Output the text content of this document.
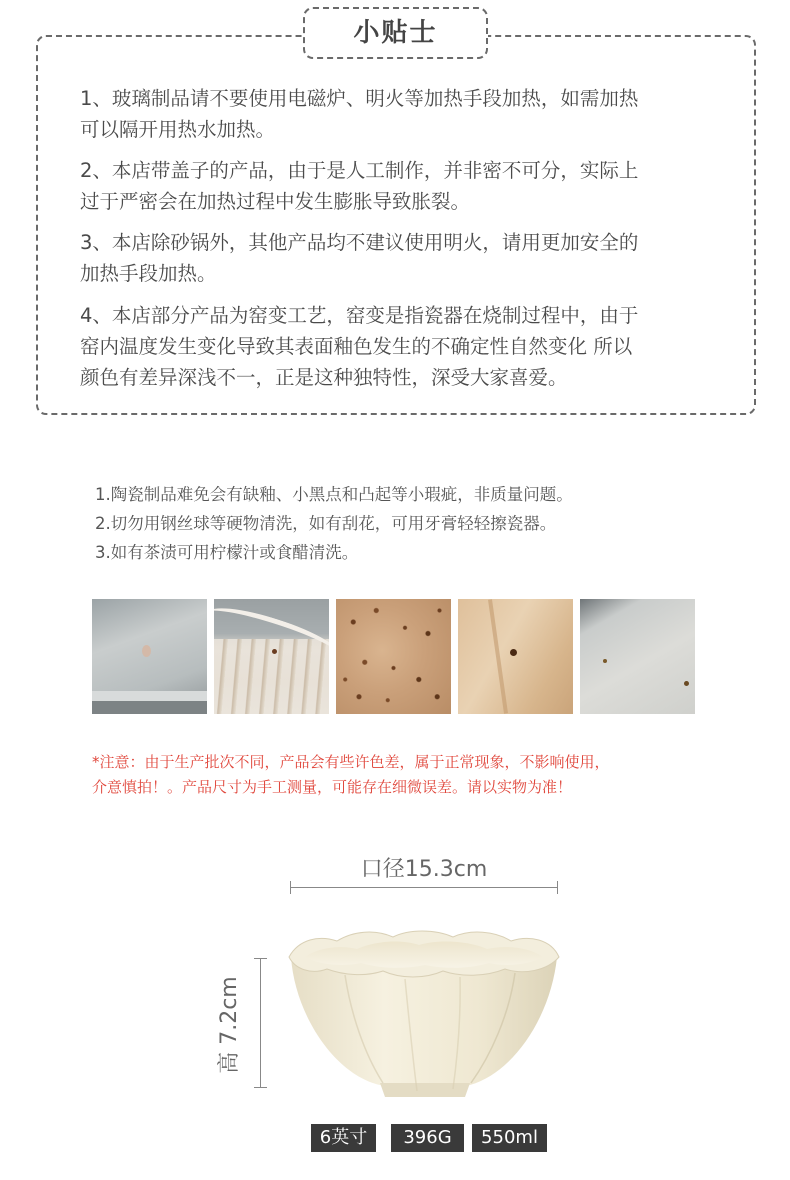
小贴士
1、玻璃制品请不要使用电磁炉、明火等加热手段加热，如需加热
可以隔开用热水加热。
2、本店带盖子的产品，由于是人工制作，并非密不可分，实际上
过于严密会在加热过程中发生膨胀导致胀裂。
3、本店除砂锅外，其他产品均不建议使用明火，请用更加安全的
加热手段加热。
4、本店部分产品为窑变工艺，窑变是指瓷器在烧制过程中，由于
窑内温度发生变化导致其表面釉色发生的不确定性自然变化 所以
颜色有差异深浅不一，正是这种独特性，深受大家喜爱。
1.陶瓷制品难免会有缺釉、小黑点和凸起等小瑕疵，非质量问题。
2.切勿用钢丝球等硬物清洗，如有刮花，可用牙膏轻轻擦瓷器。
3.如有茶渍可用柠檬汁或食醋清洗。
*注意：由于生产批次不同，产品会有些许色差，属于正常现象，不影响使用，
介意慎拍！。产品尺寸为手工测量，可能存在细微误差。请以实物为准！
口径15.3cm
高 7.2cm
6英寸	396G	550ml
